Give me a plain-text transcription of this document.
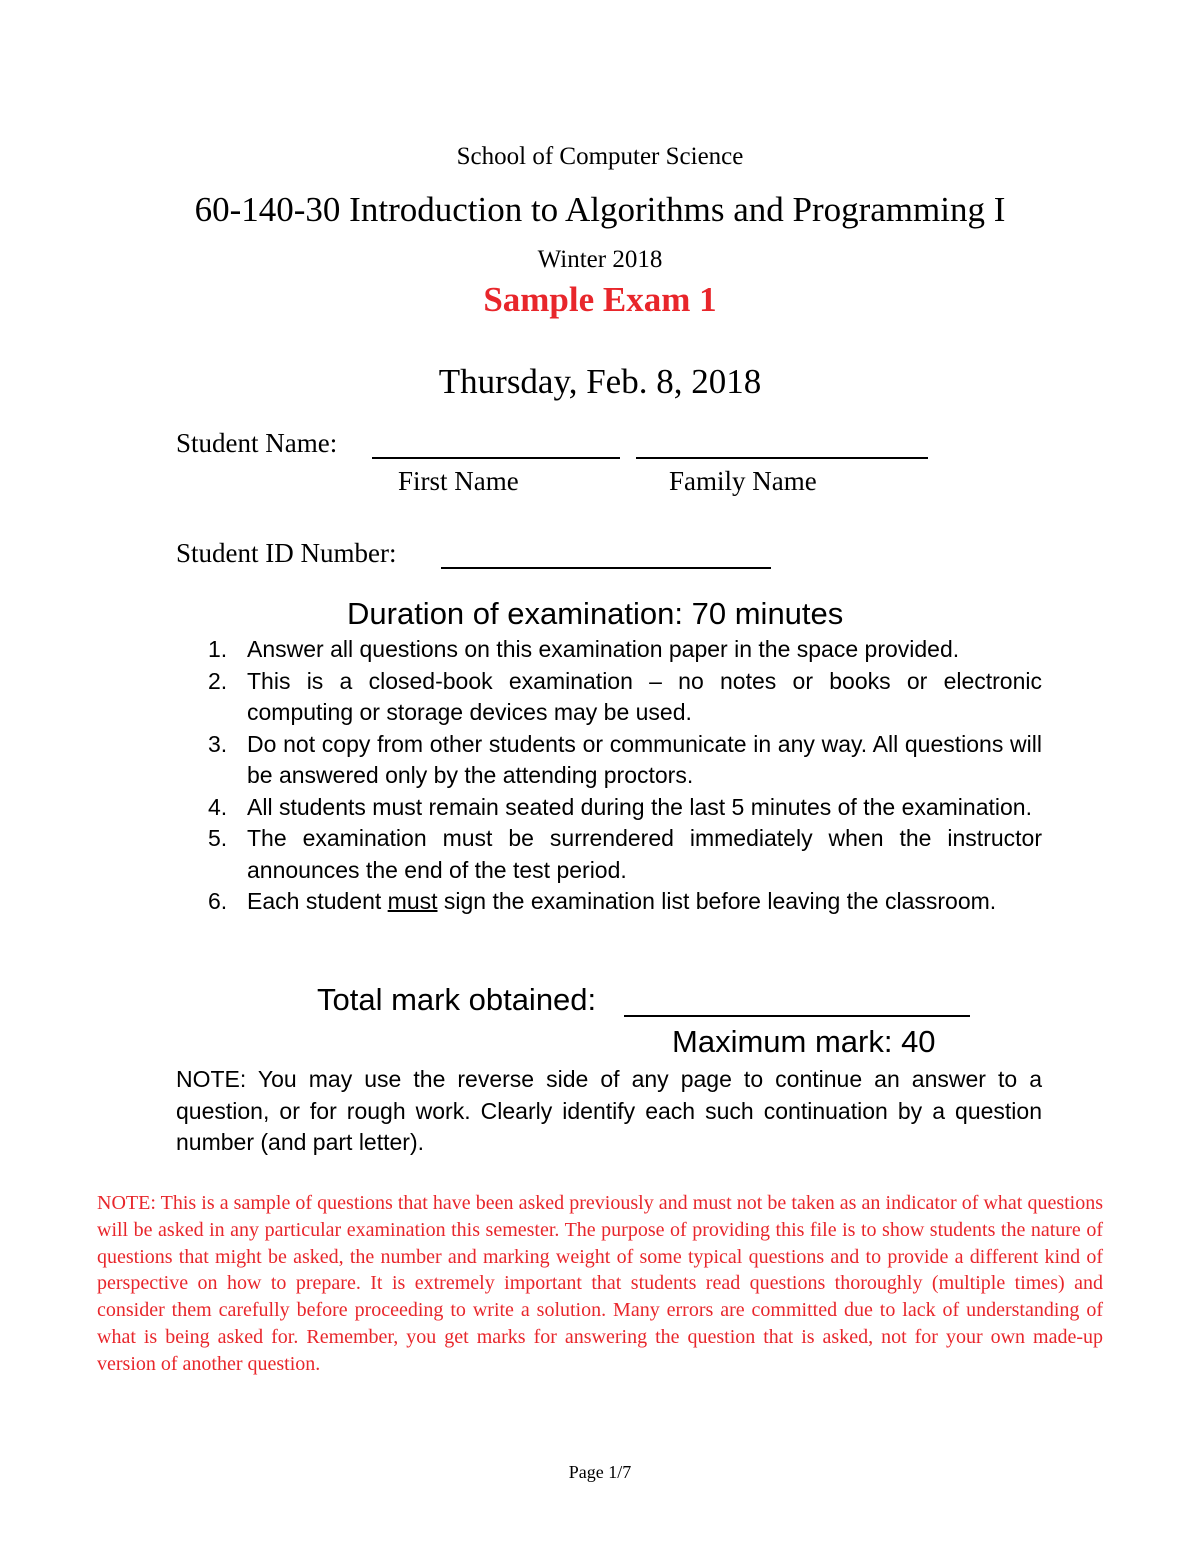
School of Computer Science
60-140-30 Introduction to Algorithms and Programming I
Winter 2018
Sample Exam 1
Thursday, Feb. 8, 2018
Student Name:
First Name	Family Name
Student ID Number:
Duration of examination: 70 minutes
1. Answer all questions on this examination paper in the space provided.
2. This is a closed-book examination – no notes or books or electronic computing or storage devices may be used.
3. Do not copy from other students or communicate in any way. All questions will be answered only by the attending proctors.
4. All students must remain seated during the last 5 minutes of the examination.
5. The examination must be surrendered immediately when the instructor announces the end of the test period.
6. Each student must sign the examination list before leaving the classroom.
Total mark obtained:
Maximum mark: 40
NOTE: You may use the reverse side of any page to continue an answer to a question, or for rough work. Clearly identify each such continuation by a question number (and part letter).
NOTE: This is a sample of questions that have been asked previously and must not be taken as an indicator of what questions will be asked in any particular examination this semester. The purpose of providing this file is to show students the nature of questions that might be asked, the number and marking weight of some typical questions and to provide a different kind of perspective on how to prepare. It is extremely important that students read questions thoroughly (multiple times) and consider them carefully before proceeding to write a solution. Many errors are committed due to lack of understanding of what is being asked for. Remember, you get marks for answering the question that is asked, not for your own made-up version of another question.
Page 1/7
